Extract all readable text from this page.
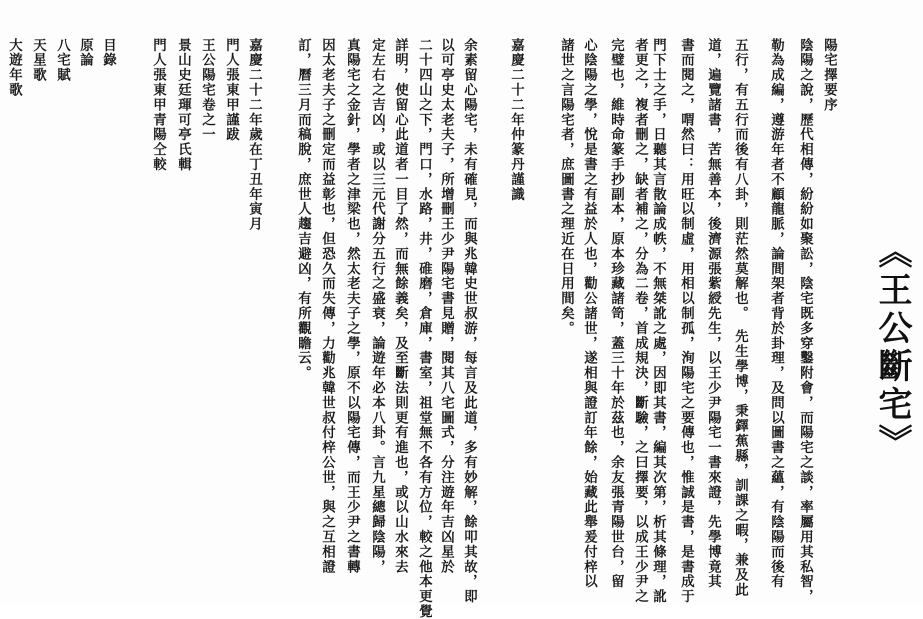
《王公斷宅》
陽宅擇要序
陰陽之說，歷代相傳，紛紛如聚訟，陰宅既多穿鑿附會，而陽宅之談，率屬用其私智，
勒為成編，遵游年者不顧龍脈，論間架者背於卦理，及問以圖書之蘊，有陰陽而後有
五行，有五行而後有八卦，則茫然莫解也。　先生學博，秉鐸蕉縣，訓課之暇，兼及此
道，遍覽諸書，苦無善本，後濟源張紫綬先生，以王少尹陽宅一書來證，先學博竟其
書而閱之，喟然曰：用旺以制虛，用相以制孤，洵陽宅之要傳也，惟誠是書，是書成于
門下士之手，日聽其言散論成帙，不無桀訛之處，因即其書，編其次第，析其條理，訛
者更之，複者刪之，缺者補之，分為二卷，首成規決，斷驗，之曰擇要，以成王少尹之
完璧也，維時命篆手抄副本，原本珍藏諸笥，蓋三十年於茲也，余友張青陽世台，留
心陰陽之學，悅是書之有益於人也，勸公諸世，遂相與證訂年餘，始藏此舉爰付梓以
諸世之言陽宅者，庶圖書之理近在日用間矣。
嘉慶二十二年仲篆丹謹識
余素留心陽宅，未有確見，而與兆韓史世叔游，每言及此道，多有妙解，餘叩其故，即
以可亭史太老夫子，所增刪王少尹陽宅書見贈，閱其八宅圖式，分注遊年吉凶星於
二十四山之下，門口，水路，井，碓磨，倉庫，書室，祖堂無不各有方位，較之他本更覺
詳明，使留心此道者一目了然，而無餘義矣，及至斷法則更有進也，或以山水來去
定左右之吉凶，或以三元代謝分五行之盛衰，論遊年必本八卦。言九星總歸陰陽，
真陽宅之金針，學者之津梁也，然太老夫子之學，原不以陽宅傳，而王少尹之書轉
因太老夫子之刪定而益彰也，但恐久而失傳，力勸兆韓世叔付梓公世，與之互相證
訂，曆三月而稿脫，庶世人趨吉避凶，有所觀瞻云。
嘉慶二十二年歲在丁丑年寅月
門人張東甲謹跋
王公陽宅卷之一
景山史廷琿可亭氏輯
門人張東甲青陽仝較
目錄
原論
八宅賦
天星歌
大遊年歌
